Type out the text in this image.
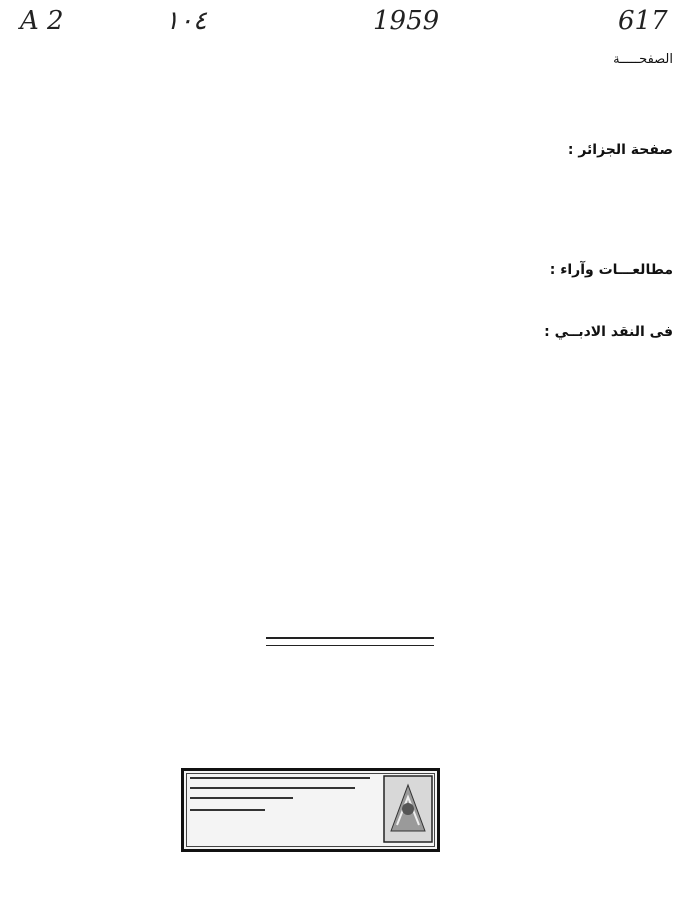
A 2	١٠٤	1959	617
الصفحـــــة
صفحة الجزائر :
مطالعـــات وآراء :
فى النقد الادبــي :
